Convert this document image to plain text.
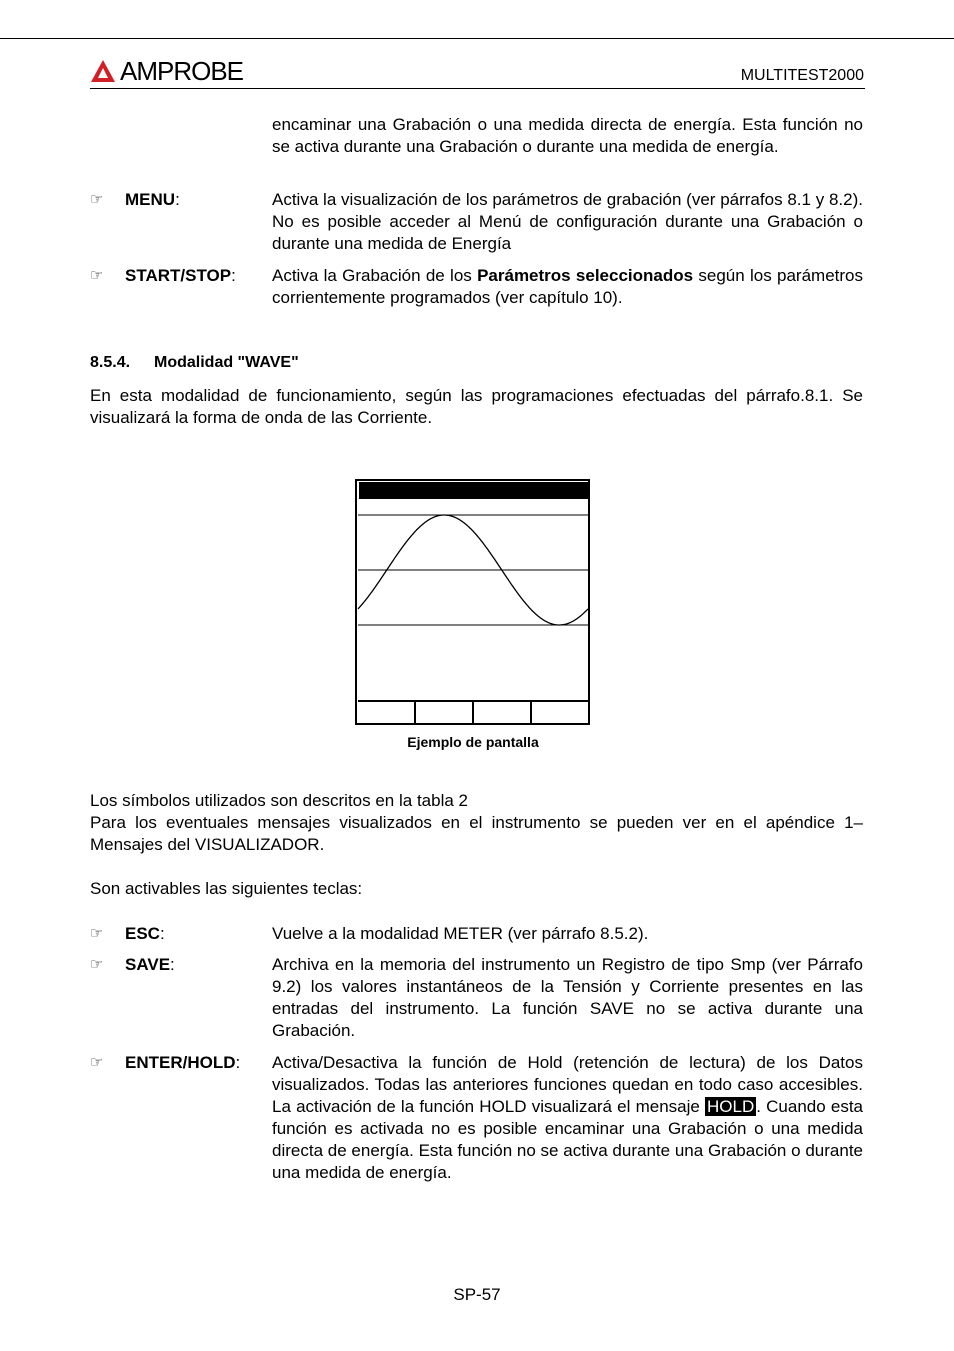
AMPROBE	MULTITEST2000
encaminar una Grabación o una medida directa de energía. Esta función no se activa durante una Grabación o durante una medida de energía.
☞ MENU:	Activa la visualización de los parámetros de grabación (ver párrafos 8.1 y 8.2). No es posible acceder al Menú de configuración durante una Grabación o durante una medida de Energía
☞ START/STOP: Activa la Grabación de los Parámetros seleccionados según los parámetros corrientemente programados (ver capítulo 10).
8.5.4. Modalidad "WAVE"
En esta modalidad de funcionamiento, según las programaciones efectuadas del párrafo.8.1. Se visualizará la forma de onda de las Corriente.
Ejemplo de pantalla
Los símbolos utilizados son descritos en la tabla 2
Para los eventuales mensajes visualizados en el instrumento se pueden ver en el apéndice 1–Mensajes del VISUALIZADOR.
Son activables las siguientes teclas:
☞ ESC:	Vuelve a la modalidad METER (ver párrafo 8.5.2).
☞ SAVE:	Archiva en la memoria del instrumento un Registro de tipo Smp (ver Párrafo 9.2) los valores instantáneos de la Tensión y Corriente presentes en las entradas del instrumento. La función SAVE no se activa durante una Grabación.
☞ ENTER/HOLD: Activa/Desactiva la función de Hold (retención de lectura) de los Datos visualizados. Todas las anteriores funciones quedan en todo caso accesibles. La activación de la función HOLD visualizará el mensaje HOLD . Cuando esta función es activada no es posible encaminar una Grabación o una medida directa de energía. Esta función no se activa durante una Grabación o durante una medida de energía.
SP-57
